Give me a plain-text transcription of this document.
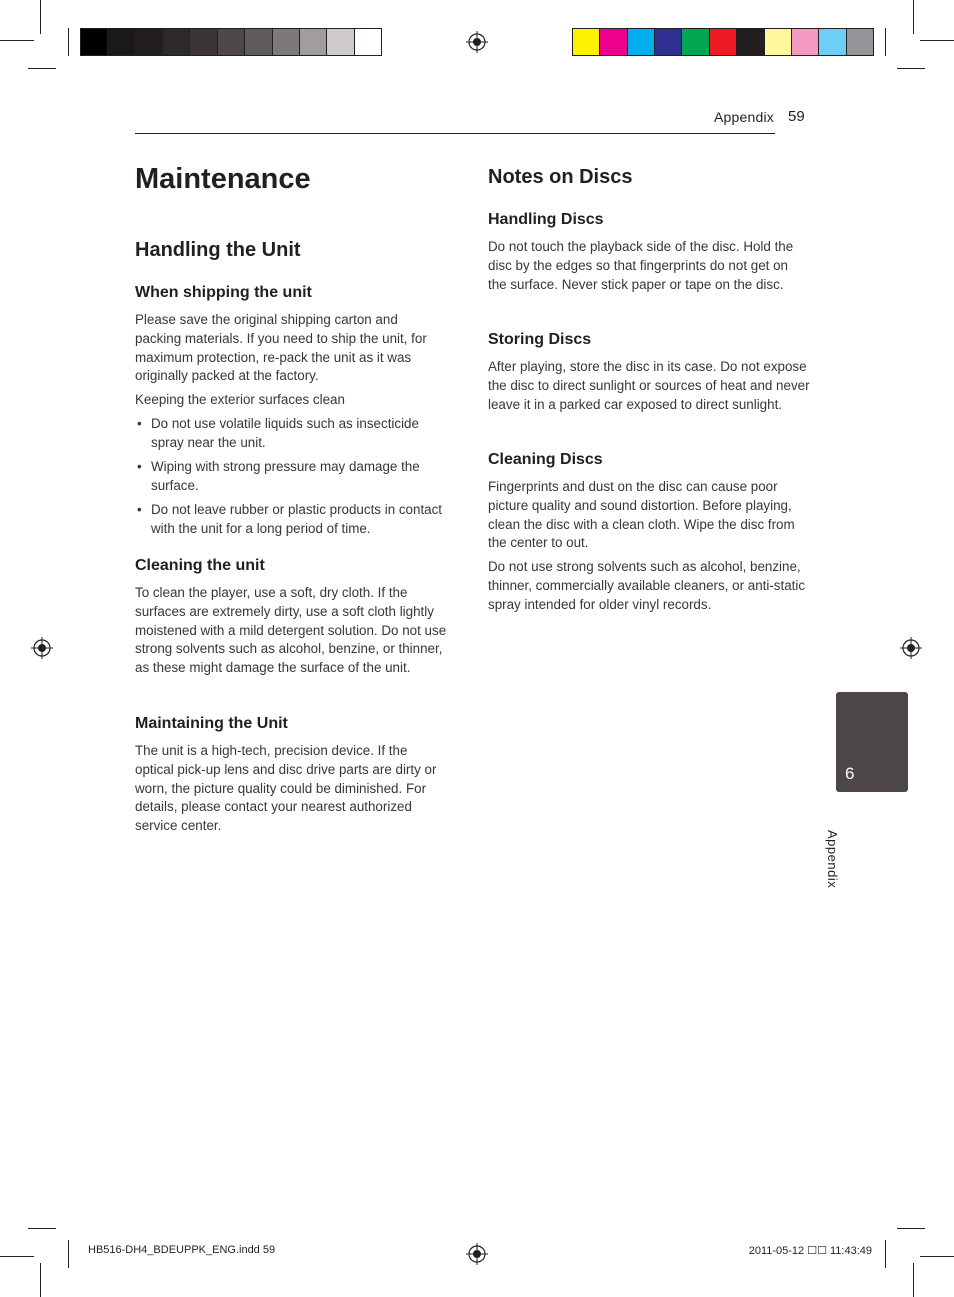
Appendix 59
Maintenance
Handling the Unit
When shipping the unit

Please save the original shipping carton and packing materials. If you need to ship the unit, for maximum protection, re-pack the unit as it was originally packed at the factory.

Keeping the exterior surfaces clean

• Do not use volatile liquids such as insecticide spray near the unit.
• Wiping with strong pressure may damage the surface.
• Do not leave rubber or plastic products in contact with the unit for a long period of time.
Cleaning the unit

To clean the player, use a soft, dry cloth. If the surfaces are extremely dirty, use a soft cloth lightly moistened with a mild detergent solution. Do not use strong solvents such as alcohol, benzine, or thinner, as these might damage the surface of the unit.

Maintaining the Unit

The unit is a high-tech, precision device. If the optical pick-up lens and disc drive parts are dirty or worn, the picture quality could be diminished. For details, please contact your nearest authorized service center.

Notes on Discs
Handling Discs

Do not touch the playback side of the disc. Hold the disc by the edges so that fingerprints do not get on the surface. Never stick paper or tape on the disc.

Storing Discs

After playing, store the disc in its case. Do not expose the disc to direct sunlight or sources of heat and never leave it in a parked car exposed to direct sunlight.

Cleaning Discs

Fingerprints and dust on the disc can cause poor picture quality and sound distortion. Before playing, clean the disc with a clean cloth. Wipe the disc from the center to out.

Do not use strong solvents such as alcohol, benzine, thinner, commercially available cleaners, or anti-static spray intended for older vinyl records.

6
Appendix
HB516-DH4_BDEUPPK_ENG.indd 59	2011-05-12 ☐☐ 11:43:49
